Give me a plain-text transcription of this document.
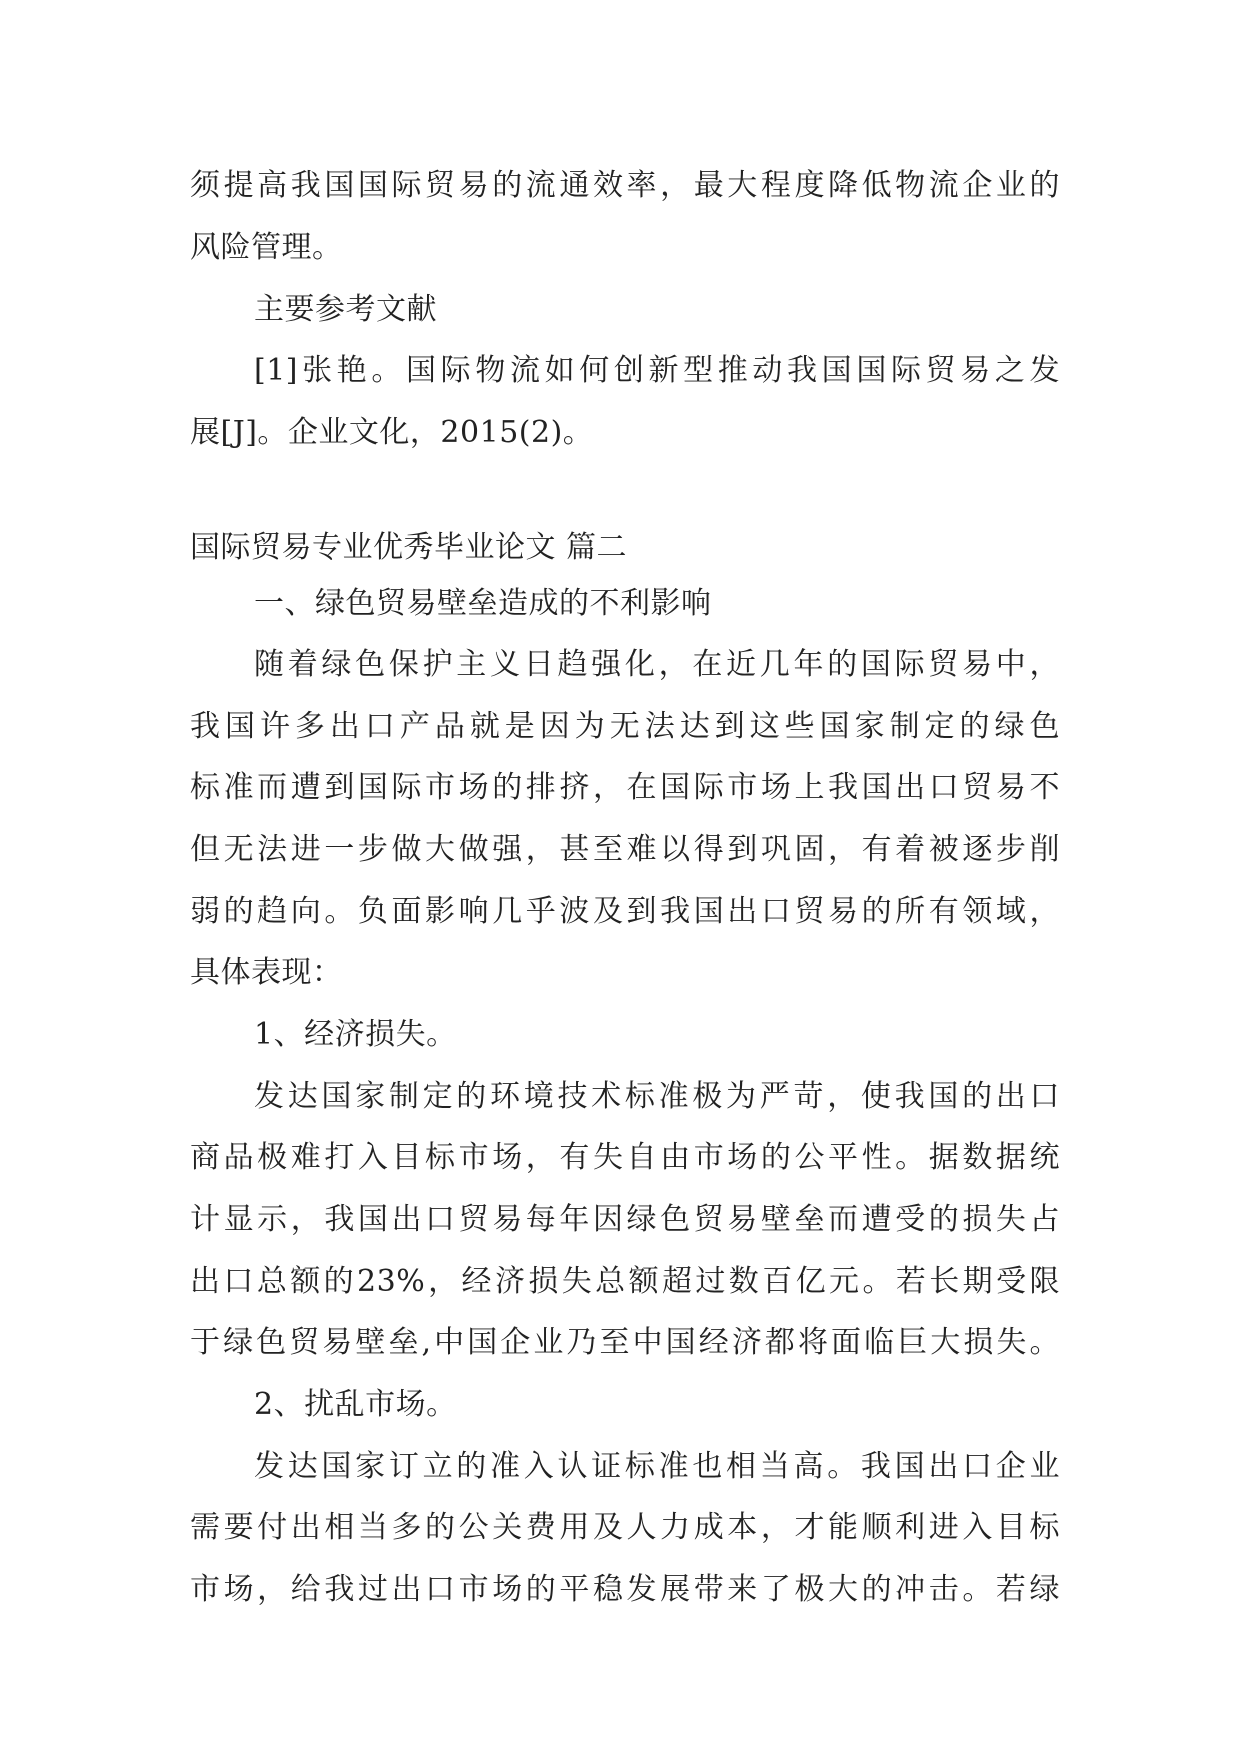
须提高我国国际贸易的流通效率，最大程度降低物流企业的
风险管理。
主要参考文献
[1]张艳。国际物流如何创新型推动我国国际贸易之发
展[J]。企业文化，2015(2)。
国际贸易专业优秀毕业论文 篇二
一、绿色贸易壁垒造成的不利影响
随着绿色保护主义日趋强化，在近几年的国际贸易中，
我国许多出口产品就是因为无法达到这些国家制定的绿色
标准而遭到国际市场的排挤，在国际市场上我国出口贸易不
但无法进一步做大做强，甚至难以得到巩固，有着被逐步削
弱的趋向。负面影响几乎波及到我国出口贸易的所有领域，
具体表现：
1、经济损失。
发达国家制定的环境技术标准极为严苛，使我国的出口
商品极难打入目标市场，有失自由市场的公平性。据数据统
计显示，我国出口贸易每年因绿色贸易壁垒而遭受的损失占
出口总额的23%，经济损失总额超过数百亿元。若长期受限
于绿色贸易壁垒,中国企业乃至中国经济都将面临巨大损失。
2、扰乱市场。
发达国家订立的准入认证标准也相当高。我国出口企业
需要付出相当多的公关费用及人力成本，才能顺利进入目标
市场，给我过出口市场的平稳发展带来了极大的冲击。若绿
